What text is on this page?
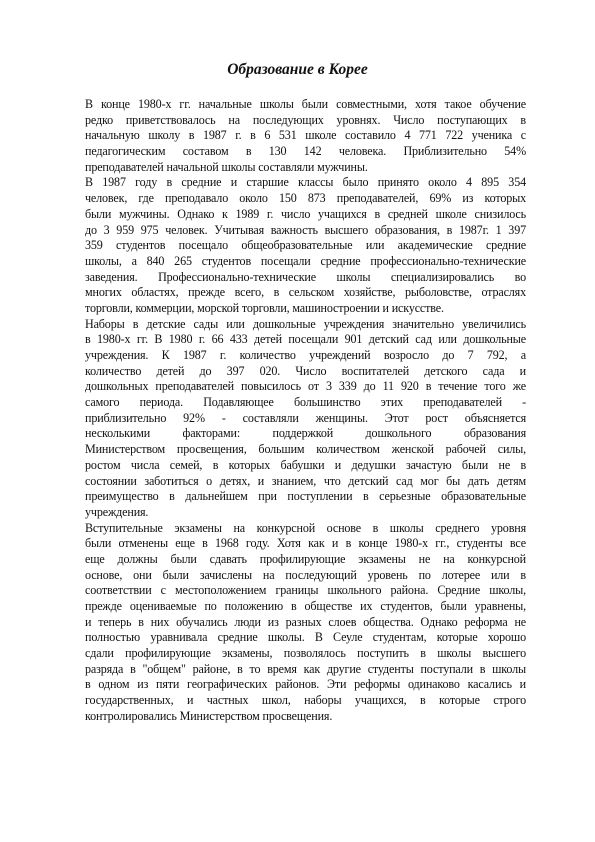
Образование в Корее
В конце 1980-х гг. начальные школы были совместными, хотя такое обучение
редко приветствовалось на последующих уровнях. Число поступающих в
начальную школу в 1987 г. в 6 531 школе составило 4 771 722 ученика с
педагогическим составом в 130 142 человека. Приблизительно 54%
преподавателей начальной школы составляли мужчины.
В 1987 году в средние и старшие классы было принято около 4 895 354
человек, где преподавало около 150 873 преподавателей, 69% из которых
были мужчины. Однако к 1989 г. число учащихся в средней школе снизилось
до 3 959 975 человек. Учитывая важность высшего образования, в 1987г. 1 397
359 студентов посещало общеобразовательные или академические средние
школы, а 840 265 студентов посещали средние профессионально-технические
заведения. Профессионально-технические школы специализировались во
многих областях, прежде всего, в сельском хозяйстве, рыболовстве, отраслях
торговли, коммерции, морской торговли, машиностроении и искусстве.
Наборы в детские сады или дошкольные учреждения значительно увеличились
в 1980-х гг. В 1980 г. 66 433 детей посещали 901 детский сад или дошкольные
учреждения. К 1987 г. количество учреждений возросло до 7 792, а
количество детей до 397 020. Число воспитателей детского сада и
дошкольных преподавателей повысилось от 3 339 до 11 920 в течение того же
самого периода. Подавляющее большинство этих преподавателей -
приблизительно 92% - составляли женщины. Этот рост объясняется
несколькими факторами: поддержкой дошкольного образования
Министерством просвещения, большим количеством женской рабочей силы,
ростом числа семей, в которых бабушки и дедушки зачастую были не в
состоянии заботиться о детях, и знанием, что детский сад мог бы дать детям
преимущество в дальнейшем при поступлении в серьезные образовательные
учреждения.
Вступительные экзамены на конкурсной основе в школы среднего уровня
были отменены еще в 1968 году. Хотя как и в конце 1980-х гг., студенты все
еще должны были сдавать профилирующие экзамены не на конкурсной
основе, они были зачислены на последующий уровень по лотерее или в
соответствии с местоположением границы школьного района. Средние школы,
прежде оцениваемые по положению в обществе их студентов, были уравнены,
и теперь в них обучались люди из разных слоев общества. Однако реформа не
полностью уравнивала средние школы. В Сеуле студентам, которые хорошо
сдали профилирующие экзамены, позволялось поступить в школы высшего
разряда в "общем" районе, в то время как другие студенты поступали в школы
в одном из пяти географических районов. Эти реформы одинаково касались и
государственных, и частных школ, наборы учащихся, в которые строго
контролировались Министерством просвещения.
